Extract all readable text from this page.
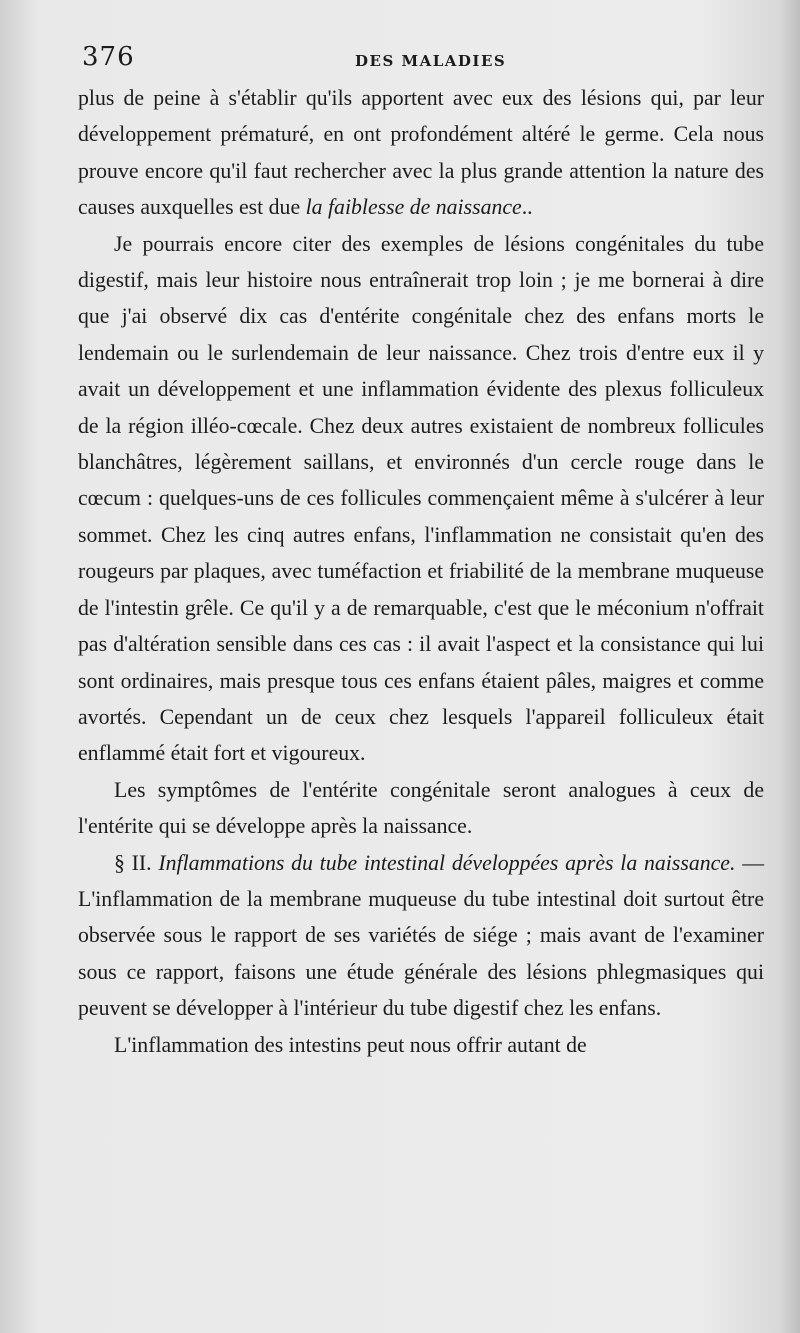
376	DES MALADIES

plus de peine à s'établir qu'ils apportent avec eux des lésions qui, par leur développement prématuré, en ont profondément altéré le germe. Cela nous prouve encore qu'il faut rechercher avec la plus grande attention la nature des causes auxquelles est due la faiblesse de naissance..

Je pourrais encore citer des exemples de lésions congénitales du tube digestif, mais leur histoire nous entraînerait trop loin ; je me bornerai à dire que j'ai observé dix cas d'entérite congénitale chez des enfans morts le lendemain ou le surlendemain de leur naissance. Chez trois d'entre eux il y avait un développement et une inflammation évidente des plexus folliculeux de la région illéo-cœcale. Chez deux autres existaient de nombreux follicules blanchâtres, légèrement saillans, et environnés d'un cercle rouge dans le cœcum : quelques-uns de ces follicules commençaient même à s'ulcérer à leur sommet. Chez les cinq autres enfans, l'inflammation ne consistait qu'en des rougeurs par plaques, avec tuméfaction et friabilité de la membrane muqueuse de l'intestin grêle. Ce qu'il y a de remarquable, c'est que le méconium n'offrait pas d'altération sensible dans ces cas : il avait l'aspect et la consistance qui lui sont ordinaires, mais presque tous ces enfans étaient pâles, maigres et comme avortés. Cependant un de ceux chez lesquels l'appareil folliculeux était enflammé était fort et vigoureux.

Les symptômes de l'entérite congénitale seront analogues à ceux de l'entérite qui se développe après la naissance.

§ II. Inflammations du tube intestinal développées après la naissance. — L'inflammation de la membrane muqueuse du tube intestinal doit surtout être observée sous le rapport de ses variétés de siége ; mais avant de l'examiner sous ce rapport, faisons une étude générale des lésions phlegmasiques qui peuvent se développer à l'intérieur du tube digestif chez les enfans.

L'inflammation des intestins peut nous offrir autant de
